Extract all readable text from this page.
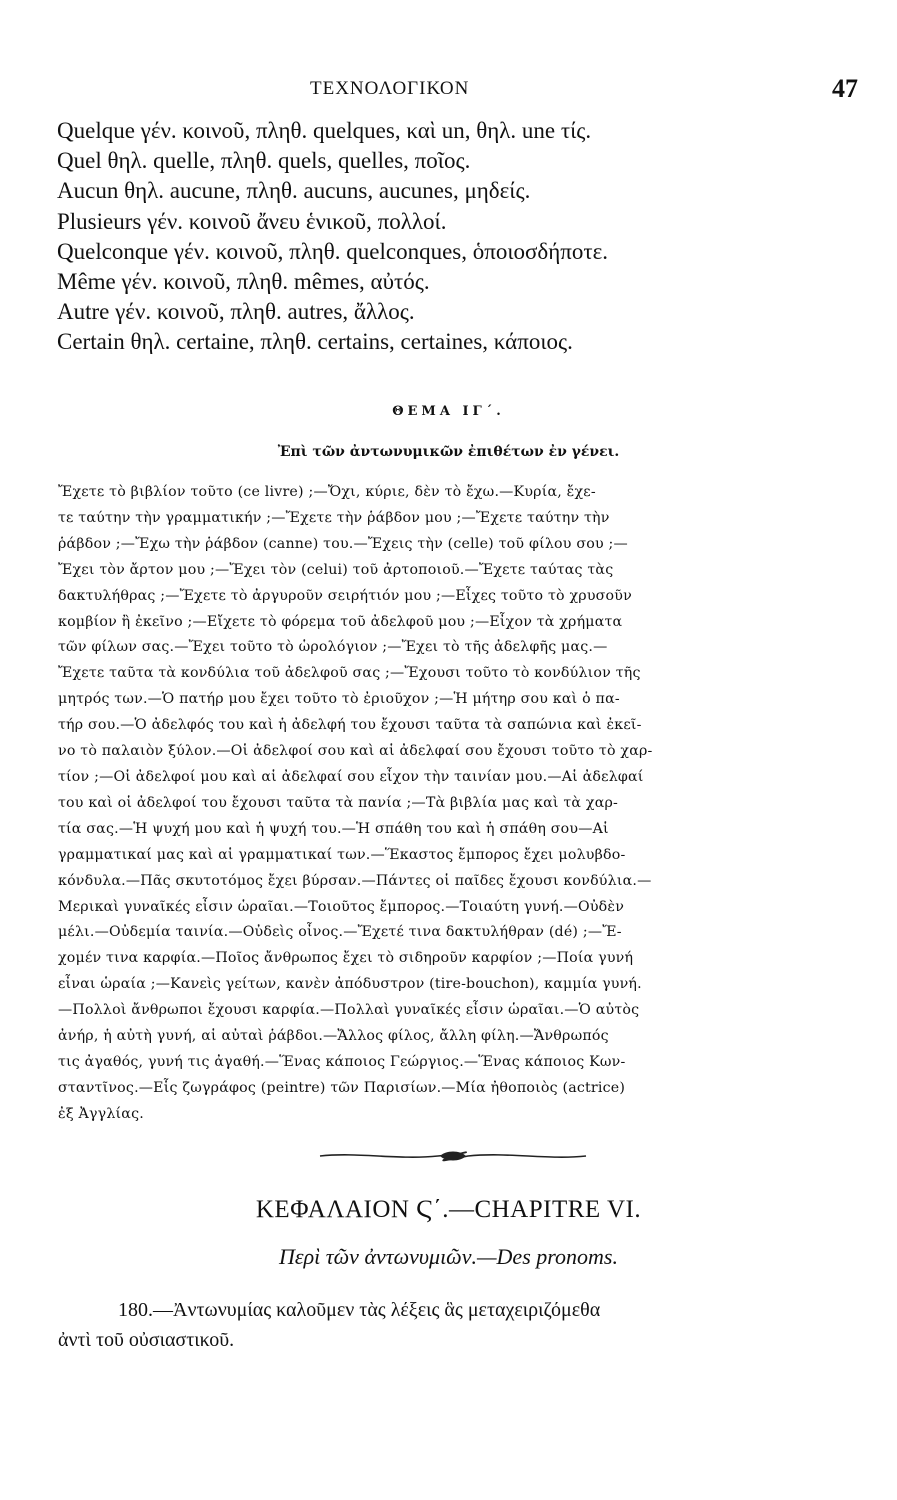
ΤΕΧΝΟΛΟΓΙΚΟΝ	47
Quelque γέν. κοινοῦ, πληθ. quelques, καὶ un, θηλ. une τίς.
Quel θηλ. quelle, πληθ. quels, quelles, ποῖος.
Aucun θηλ. aucune, πληθ. aucuns, aucunes, μηδείς.
Plusieurs γέν. κοινοῦ ἄνευ ἑνικοῦ, πολλοί.
Quelconque γέν. κοινοῦ, πληθ. quelconques, ὁποιοσδήποτε.
Même γέν. κοινοῦ, πληθ. mêmes, αὐτός.
Autre γέν. κοινοῦ, πληθ. autres, ἄλλος.
Certain θηλ. certaine, πληθ. certains, certaines, κάποιος.
ΘΕΜΑ ΙΓ΄.
Ἐπὶ τῶν ἀντωνυμικῶν ἐπιθέτων ἐν γένει.
Ἔχετε τὸ βιβλίον τοῦτο (ce livre) ;—Ὄχι, κύριε, δὲν τὸ ἔχω.—Κυρία, ἔχε-
τε ταύτην τὴν γραμματικήν ;—Ἔχετε τὴν ῥάβδον μου ;—Ἔχετε ταύτην τὴν
ῥάβδον ;—Ἔχω τὴν ῥάβδον (canne) του.—Ἔχεις τὴν (celle) τοῦ φίλου σου ;—
Ἔχει τὸν ἄρτον μου ;—Ἔχει τὸν (celui) τοῦ ἀρτοποιοῦ.—Ἔχετε ταύτας τὰς
δακτυλήθρας ;—Ἔχετε τὸ ἀργυροῦν σειρήτιόν μου ;—Εἶχες τοῦτο τὸ χρυσοῦν
κομβίον ἢ ἐκεῖνο ;—Εἴχετε τὸ φόρεμα τοῦ ἀδελφοῦ μου ;—Εἶχον τὰ χρήματα
τῶν φίλων σας.—Ἔχει τοῦτο τὸ ὡρολόγιον ;—Ἔχει τὸ τῆς ἀδελφῆς μας.—
Ἔχετε ταῦτα τὰ κονδύλια τοῦ ἀδελφοῦ σας ;—Ἔχουσι τοῦτο τὸ κονδύλιον τῆς
μητρός των.—Ὁ πατήρ μου ἔχει τοῦτο τὸ ἐριοῦχον ;—Ἡ μήτηρ σου καὶ ὁ πα-
τήρ σου.—Ὁ ἀδελφός του καὶ ἡ ἀδελφή του ἔχουσι ταῦτα τὰ σαπώνια καὶ ἐκεῖ-
νο τὸ παλαιὸν ξύλον.—Οἱ ἀδελφοί σου καὶ αἱ ἀδελφαί σου ἔχουσι τοῦτο τὸ χαρ-
τίον ;—Οἱ ἀδελφοί μου καὶ αἱ ἀδελφαί σου εἶχον τὴν ταινίαν μου.—Αἱ ἀδελφαί
του καὶ οἱ ἀδελφοί του ἔχουσι ταῦτα τὰ πανία ;—Τὰ βιβλία μας καὶ τὰ χαρ-
τία σας.—Ἡ ψυχή μου καὶ ἡ ψυχή του.—Ἡ σπάθη του καὶ ἡ σπάθη σου—Αἱ
γραμματικαί μας καὶ αἱ γραμματικαί των.—Ἕκαστος ἔμπορος ἔχει μολυβδο-
κόνδυλα.—Πᾶς σκυτοτόμος ἔχει βύρσαν.—Πάντες οἱ παῖδες ἔχουσι κονδύλια.—
Μερικαὶ γυναῖκές εἶσιν ὡραῖαι.—Τοιοῦτος ἔμπορος.—Τοιαύτη γυνή.—Οὐδὲν
μέλι.—Οὐδεμία ταινία.—Οὐδεὶς οἶνος.—Ἔχετέ τινα δακτυλήθραν (dé) ;—Ἔ-
χομέν τινα καρφία.—Ποῖος ἄνθρωπος ἔχει τὸ σιδηροῦν καρφίον ;—Ποία γυνή
εἶναι ὡραία ;—Κανεὶς γείτων, κανὲν ἀπόδυστρον (tire-bouchon), καμμία γυνή.
—Πολλοὶ ἄνθρωποι ἔχουσι καρφία.—Πολλαὶ γυναῖκές εἶσιν ὡραῖαι.—Ὁ αὐτὸς
ἀνήρ, ἡ αὐτὴ γυνή, αἱ αὐταὶ ῥάβδοι.—Ἄλλος φίλος, ἄλλη φίλη.—Ἄνθρωπός
τις ἀγαθός, γυνή τις ἀγαθή.—Ἕνας κάποιος Γεώργιος.—Ἕνας κάποιος Κων-
σταντῖνος.—Εἷς ζωγράφος (peintre) τῶν Παρισίων.—Μία ἠθοποιὸς (actrice)
ἐξ Ἀγγλίας.
ΚΕΦΑΛΑΙΟΝ Ϛ΄.—CHAPITRE VI.
Περὶ τῶν ἀντωνυμιῶν.—Des pronoms.
180.—Ἀντωνυμίας καλοῦμεν τὰς λέξεις ἃς μεταχειριζόμεθα
ἀντὶ τοῦ οὐσιαστικοῦ.
